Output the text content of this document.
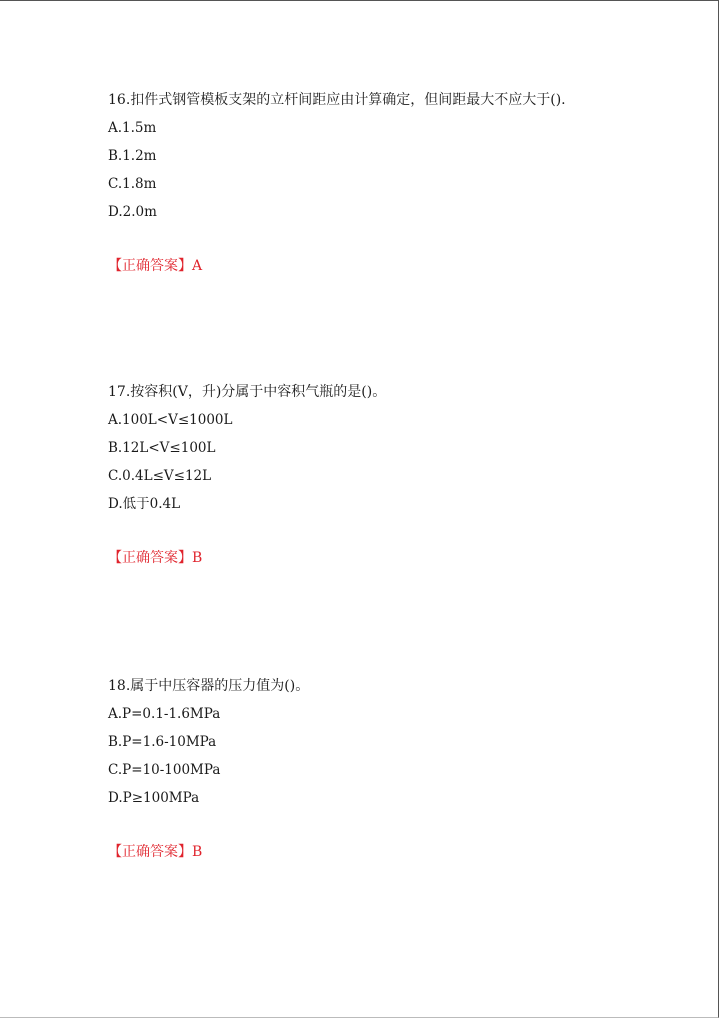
16.扣件式钢管模板支架的立杆间距应由计算确定，但间距最大不应大于().
A.1.5m
B.1.2m
C.1.8m
D.2.0m
【正确答案】A
17.按容积(V，升)分属于中容积气瓶的是()。
A.100L<V≤1000L
B.12L<V≤100L
C.0.4L≤V≤12L
D.低于0.4L
【正确答案】B
18.属于中压容器的压力值为()。
A.P=0.1-1.6MPa
B.P=1.6-10MPa
C.P=10-100MPa
D.P≥100MPa
【正确答案】B
